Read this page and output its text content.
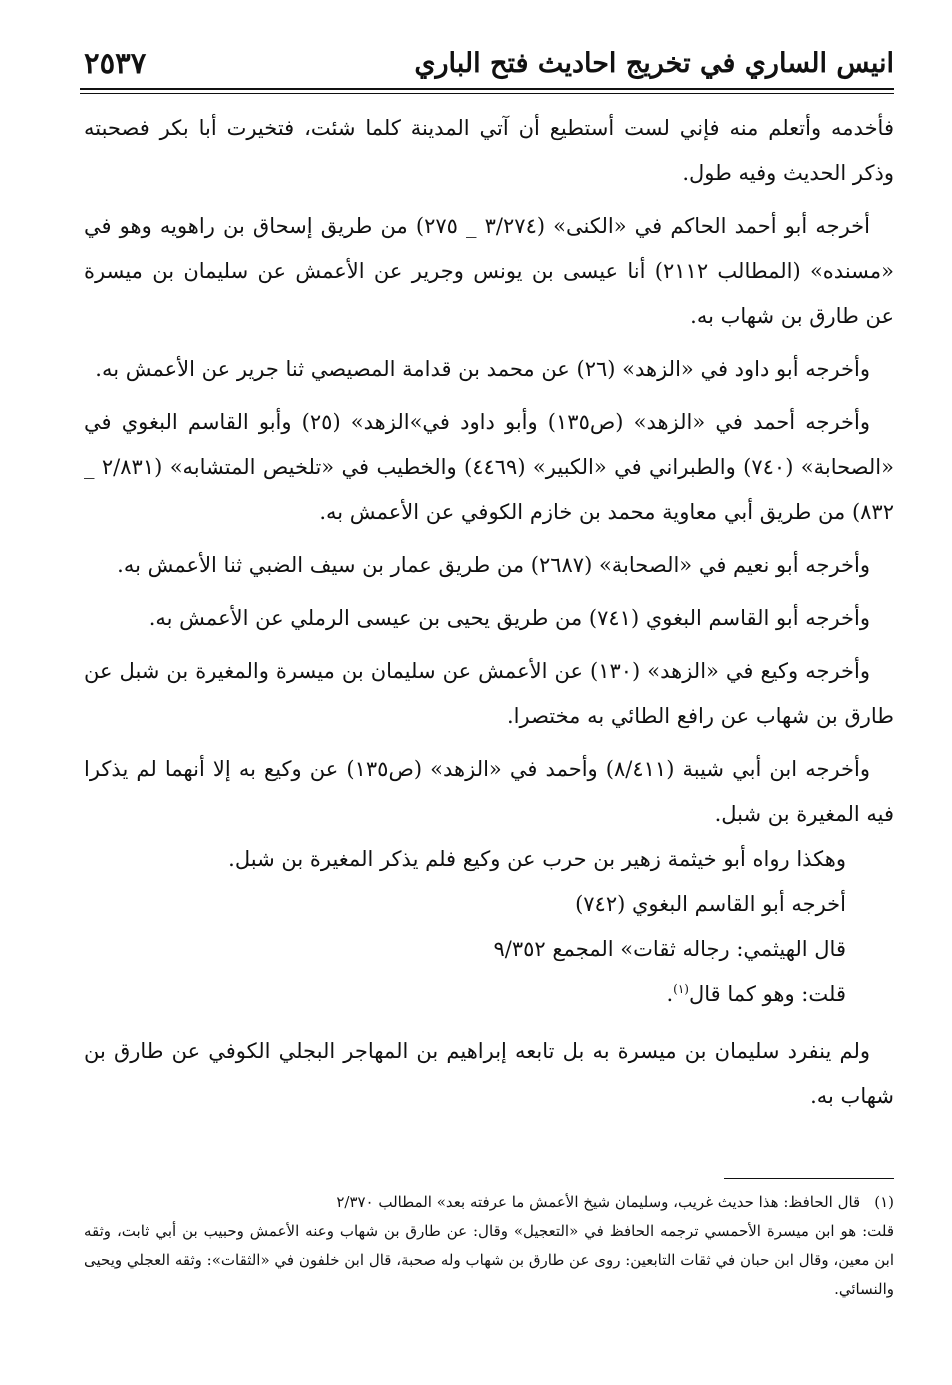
انيس الساري في تخريج احاديث فتح الباري
٢٥٣٧

فأخدمه وأتعلم منه فإني لست أستطيع أن آتي المدينة كلما شئت، فتخيرت أبا بكر فصحبته وذكر الحديث وفيه طول.

أخرجه أبو أحمد الحاكم في «الكنى» (٣/٢٧٤ _ ٢٧٥) من طريق إسحاق بن راهويه وهو في «مسنده» (المطالب ٢١١٢) أنا عيسى بن يونس وجرير عن الأعمش عن سليمان بن ميسرة عن طارق بن شهاب به.

وأخرجه أبو داود في «الزهد» (٢٦) عن محمد بن قدامة المصيصي ثنا جرير عن الأعمش به.

وأخرجه أحمد في «الزهد» (ص١٣٥) وأبو داود في»الزهد» (٢٥) وأبو القاسم البغوي في «الصحابة» (٧٤٠) والطبراني في «الكبير» (٤٤٦٩) والخطيب في «تلخيص المتشابه» (٢/٨٣١ _ ٨٣٢) من طريق أبي معاوية محمد بن خازم الكوفي عن الأعمش به.

وأخرجه أبو نعيم في «الصحابة» (٢٦٨٧) من طريق عمار بن سيف الضبي ثنا الأعمش به.

وأخرجه أبو القاسم البغوي (٧٤١) من طريق يحيى بن عيسى الرملي عن الأعمش به.

وأخرجه وكيع في «الزهد» (١٣٠) عن الأعمش عن سليمان بن ميسرة والمغيرة بن شبل عن طارق بن شهاب عن رافع الطائي به مختصرا.

وأخرجه ابن أبي شيبة (٨/٤١١) وأحمد في «الزهد» (ص١٣٥) عن وكيع به إلا أنهما لم يذكرا فيه المغيرة بن شبل.

وهكذا رواه أبو خيثمة زهير بن حرب عن وكيع فلم يذكر المغيرة بن شبل.

أخرجه أبو القاسم البغوي (٧٤٢)

قال الهيثمي: رجاله ثقات» المجمع ٩/٣٥٢

قلت: وهو كما قال$^{(١)}$.

ولم ينفرد سليمان بن ميسرة به بل تابعه إبراهيم بن المهاجر البجلي الكوفي عن طارق بن شهاب به.

(١)قال الحافظ: هذا حديث غريب، وسليمان شيخ الأعمش ما عرفته بعد» المطالب ٢/٣٧٠

قلت: هو ابن ميسرة الأحمسي ترجمه الحافظ في «التعجيل» وقال: عن طارق بن شهاب وعنه الأعمش وحبيب بن أبي ثابت، وثقه ابن معين، وقال ابن حبان في ثقات التابعين: روى عن طارق بن شهاب وله صحبة، قال ابن خلفون في «الثقات»: وثقه العجلي ويحيى والنسائي.
